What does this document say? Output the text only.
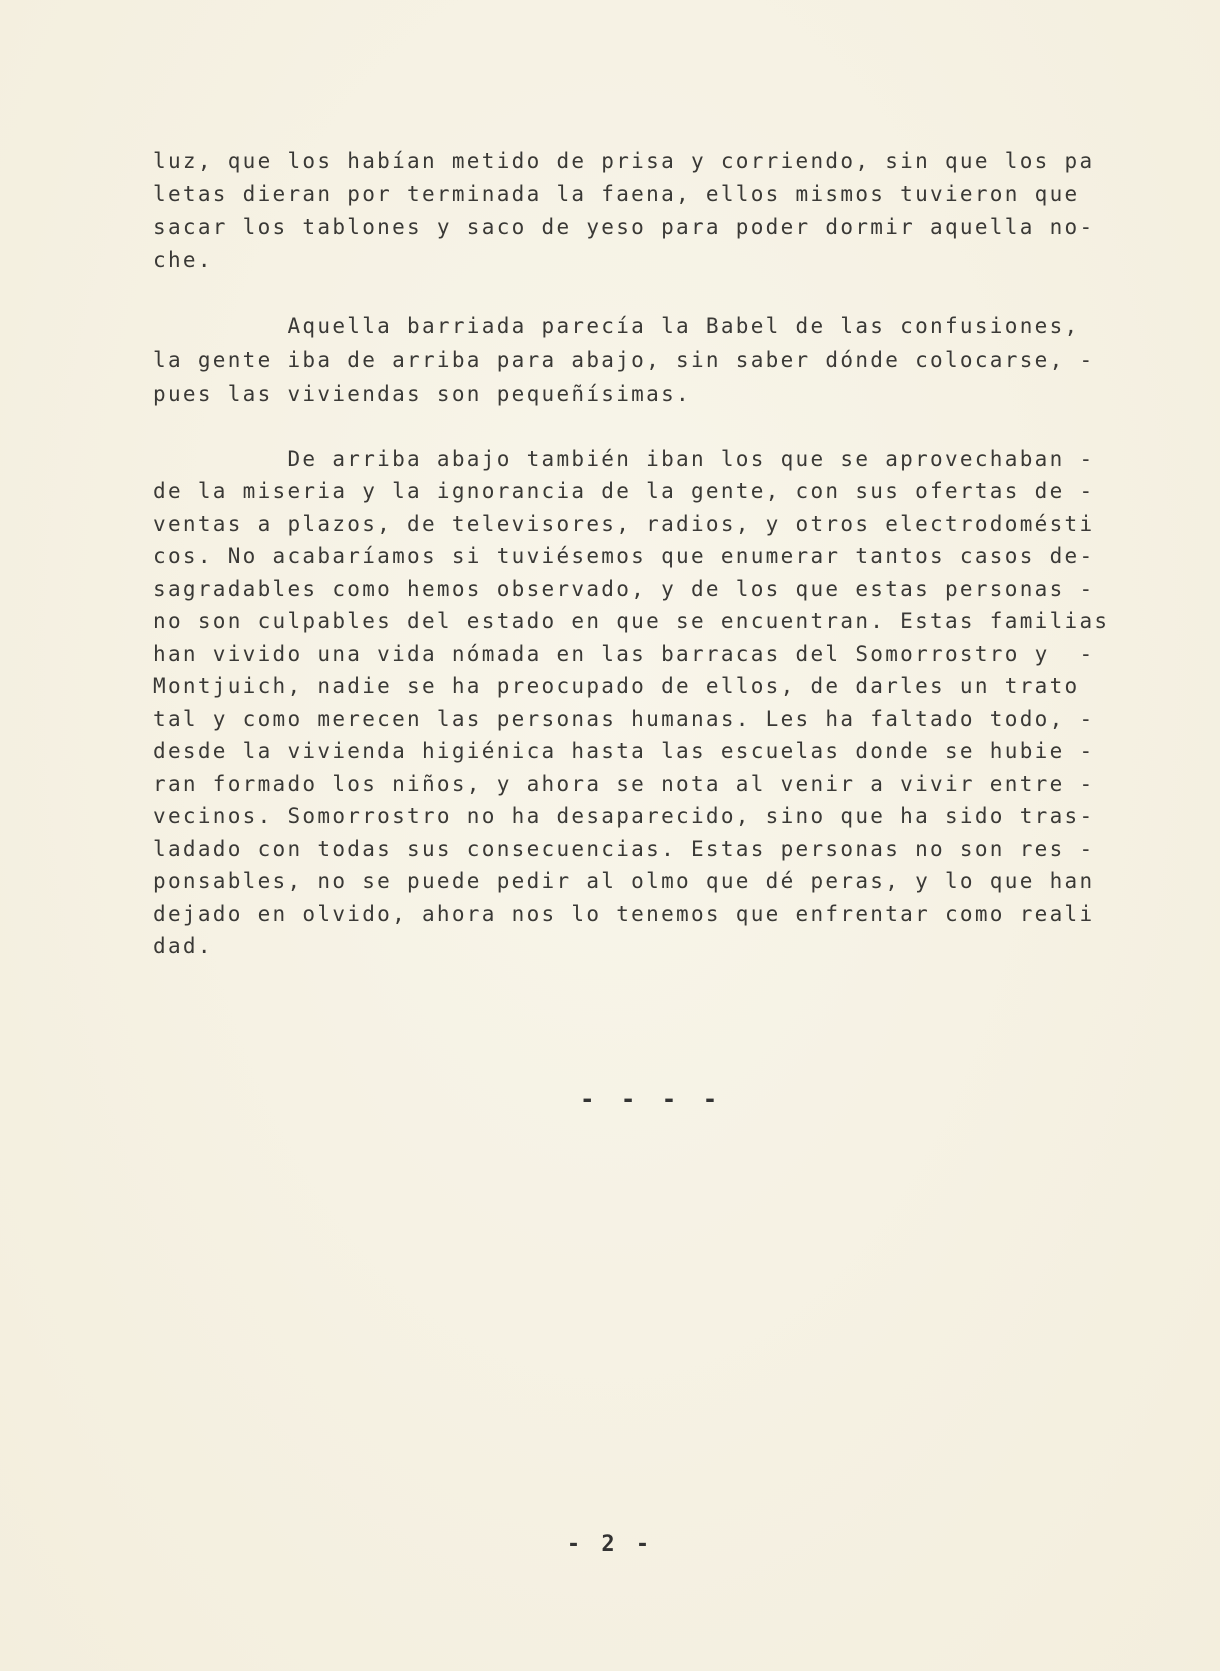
luz, que los habían metido de prisa y corriendo, sin que los pa
letas dieran por terminada la faena, ellos mismos tuvieron que
sacar los tablones y saco de yeso para poder dormir aquella no-
che.
Aquella barriada parecía la Babel de las confusiones,
la gente iba de arriba para abajo, sin saber dónde colocarse, -
pues las viviendas son pequeñísimas.
De arriba abajo también iban los que se aprovechaban -
de la miseria y la ignorancia de la gente, con sus ofertas de -
ventas a plazos, de televisores, radios, y otros electrodomésti
cos. No acabaríamos si tuviésemos que enumerar tantos casos de-
sagradables como hemos observado, y de los que estas personas -
no son culpables del estado en que se encuentran. Estas familias
han vivido una vida nómada en las barracas del Somorrostro y  -
Montjuich, nadie se ha preocupado de ellos, de darles un trato
tal y como merecen las personas humanas. Les ha faltado todo, -
desde la vivienda higiénica hasta las escuelas donde se hubie -
ran formado los niños, y ahora se nota al venir a vivir entre -
vecinos. Somorrostro no ha desaparecido, sino que ha sido tras-
ladado con todas sus consecuencias. Estas personas no son res -
ponsables, no se puede pedir al olmo que dé peras, y lo que han
dejado en olvido, ahora nos lo tenemos que enfrentar como reali
dad.
- - - -
- 2 -
